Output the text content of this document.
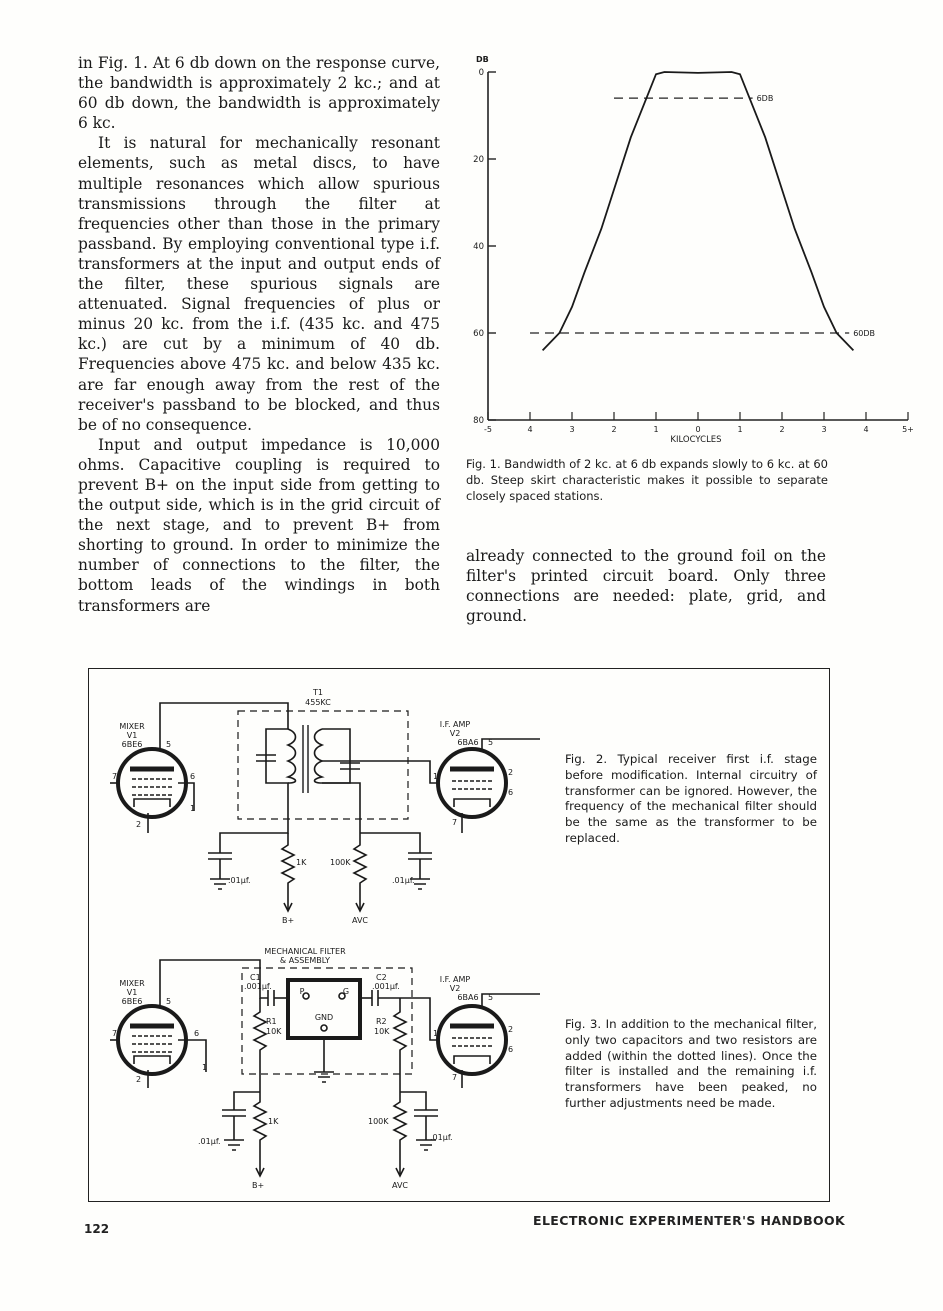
in Fig. 1. At 6 db down on the response curve, the bandwidth is approximately 2 kc.; and at 60 db down, the bandwidth is approximately 6 kc.

It is natural for mechanically resonant elements, such as metal discs, to have multiple resonances which allow spurious transmissions through the filter at frequencies other than those in the primary passband. By employing conventional type i.f. transformers at the input and output ends of the filter, these spurious signals are attenuated. Signal frequencies of plus or minus 20 kc. from the i.f. (435 kc. and 475 kc.) are cut by a minimum of 40 db. Frequencies above 475 kc. and below 435 kc. are far enough away from the rest of the receiver's passband to be blocked, and thus be of no consequence.

Input and output impedance is 10,000 ohms. Capacitive coupling is required to prevent B+ on the input side from getting to the output side, which is in the grid circuit of the next stage, and to prevent B+ from shorting to ground. In order to minimize the number of connections to the filter, the bottom leads of the windings in both transformers are

DB
0
20
40
60
80
-5	4	3	2	1	0	1	2	3	4	5+
KILOCYCLES
6DB
60DB
Fig. 1. Bandwidth of 2 kc. at 6 db expands slowly to 6 kc. at 60 db. Steep skirt characteristic makes it possible to separate closely spaced stations.

already connected to the ground foil on the filter's printed circuit board. Only three connections are needed: plate, grid, and ground.

T1
455KC
MIXER
V1
6BE6	5
7	6
2
1
I.F. AMP
V2
6BA6 5
1	2
6
7
1K	100K
.01µf.	.01µf.
B+	AVC
Fig. 2. Typical receiver first i.f. stage before modification. Internal circuitry of transformer can be ignored. However, the frequency of the mechanical filter should be the same as the transformer to be replaced.
MECHANICAL FILTER
& ASSEMBLY
MIXER
V1
6BE6	5
7	6
2
1
C1
.001µf.
C2
.001µf.
P	G
GND
R1
10K
R2
10K
I.F. AMP
V2
6BA6 5
1	2
6
7
1K	100K
.01µf.	.01µf.
B+	AVC
Fig. 3. In addition to the mechanical filter, only two capacitors and two resistors are added (within the dotted lines). Once the filter is installed and the remaining i.f. transformers have been peaked, no further adjustments need be made.
122
ELECTRONIC EXPERIMENTER'S HANDBOOK
